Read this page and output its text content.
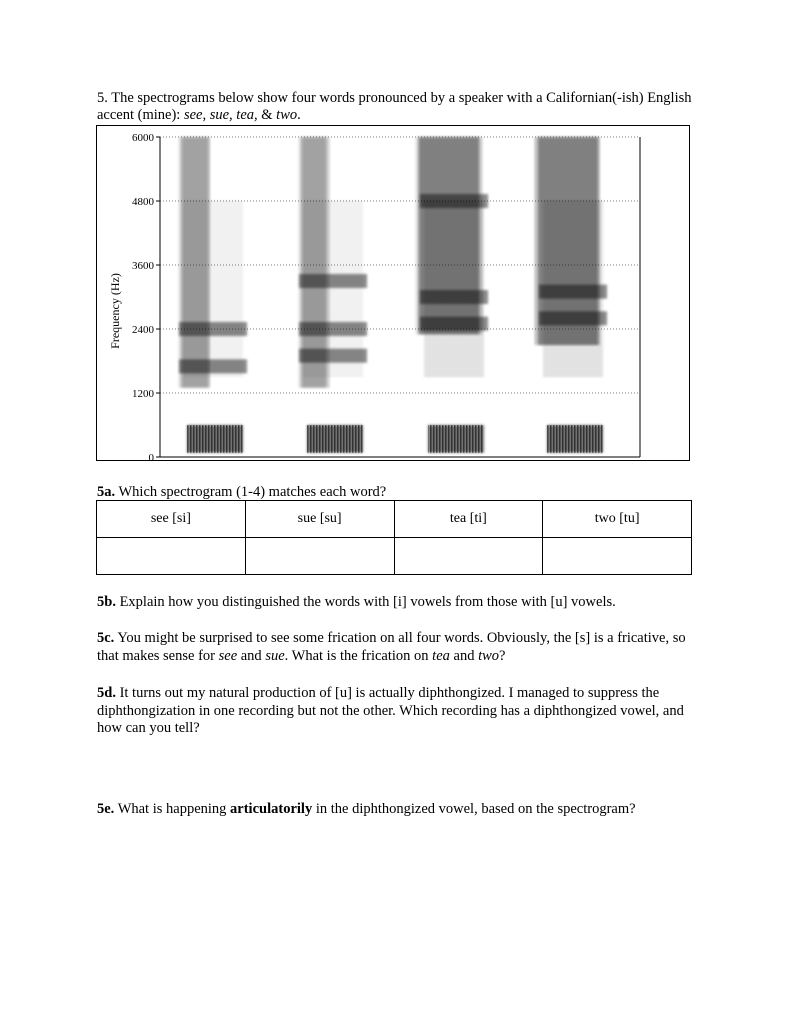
5. The spectrograms below show four words pronounced by a speaker with a Californian(-ish) English accent (mine): see, sue, tea, & two.
0
1200
2400
3600
4800
6000
Frequency (Hz)
5a. Which spectrogram (1-4) matches each word?
see [si]	sue [su]	tea [ti]	two [tu]

5b. Explain how you distinguished the words with [i] vowels from those with [u] vowels.
5c. You might be surprised to see some frication on all four words. Obviously, the [s] is a fricative, so that makes sense for see and sue. What is the frication on tea and two?
5d. It turns out my natural production of [u] is actually diphthongized. I managed to suppress the diphthongization in one recording but not the other. Which recording has a diphthongized vowel, and how can you tell?
5e. What is happening articulatorily in the diphthongized vowel, based on the spectrogram?
